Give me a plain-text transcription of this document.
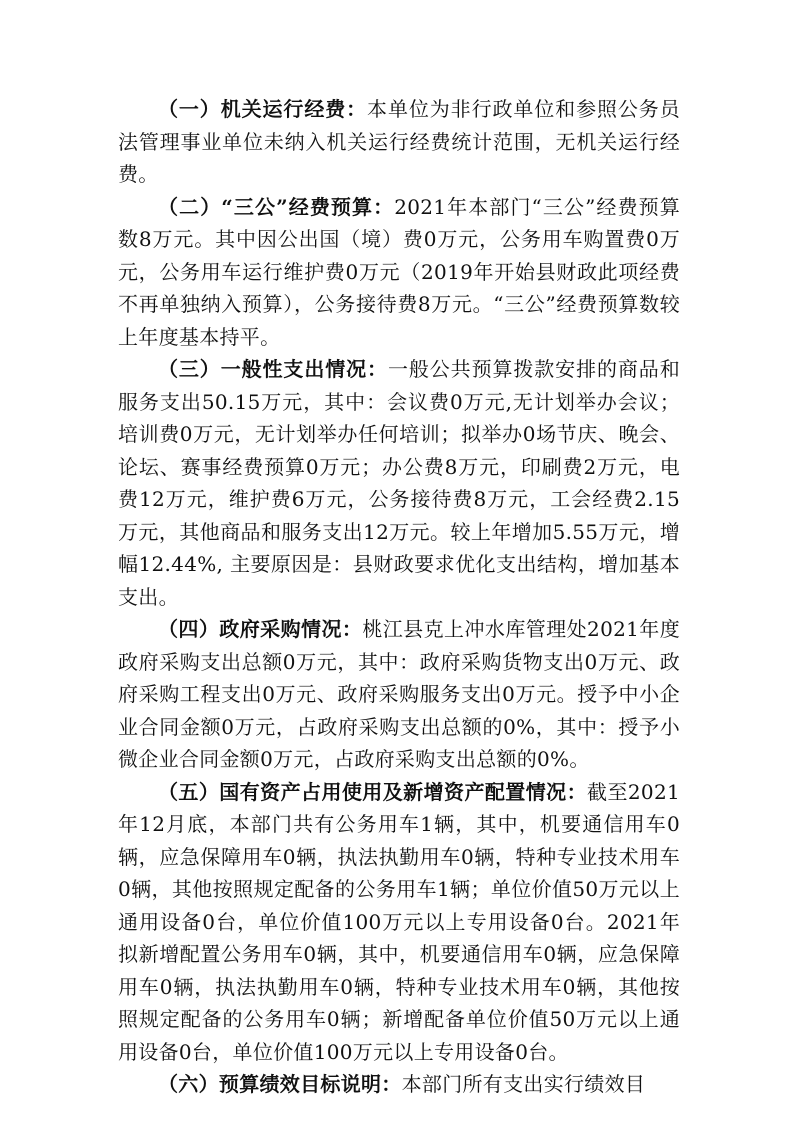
（一）机关运行经费：本单位为非行政单位和参照公务员法管理事业单位未纳入机关运行经费统计范围，无机关运行经费。

（二）“三公”经费预算：2021年本部门“三公”经费预算数8万元。其中因公出国（境）费0万元，公务用车购置费0万元，公务用车运行维护费0万元（2019年开始县财政此项经费不再单独纳入预算），公务接待费8万元。“三公”经费预算数较上年度基本持平。

（三）一般性支出情况：一般公共预算拨款安排的商品和服务支出50.15万元，其中：会议费0万元,无计划举办会议；培训费0万元，无计划举办任何培训；拟举办0场节庆、晚会、论坛、赛事经费预算0万元；办公费8万元，印刷费2万元，电费12万元，维护费6万元，公务接待费8万元，工会经费2.15万元，其他商品和服务支出12万元。较上年增加5.55万元，增幅12.44%, 主要原因是：县财政要求优化支出结构，增加基本支出。

（四）政府采购情况：桃江县克上冲水库管理处2021年度政府采购支出总额0万元，其中：政府采购货物支出0万元、政府采购工程支出0万元、政府采购服务支出0万元。授予中小企业合同金额0万元，占政府采购支出总额的0%，其中：授予小微企业合同金额0万元，占政府采购支出总额的0%。

（五）国有资产占用使用及新增资产配置情况：截至2021年12月底，本部门共有公务用车1辆，其中，机要通信用车0辆，应急保障用车0辆，执法执勤用车0辆，特种专业技术用车0辆，其他按照规定配备的公务用车1辆；单位价值50万元以上通用设备0台，单位价值100万元以上专用设备0台。2021年拟新增配置公务用车0辆，其中，机要通信用车0辆，应急保障用车0辆，执法执勤用车0辆，特种专业技术用车0辆，其他按照规定配备的公务用车0辆；新增配备单位价值50万元以上通用设备0台，单位价值100万元以上专用设备0台。

（六）预算绩效目标说明：本部门所有支出实行绩效目
